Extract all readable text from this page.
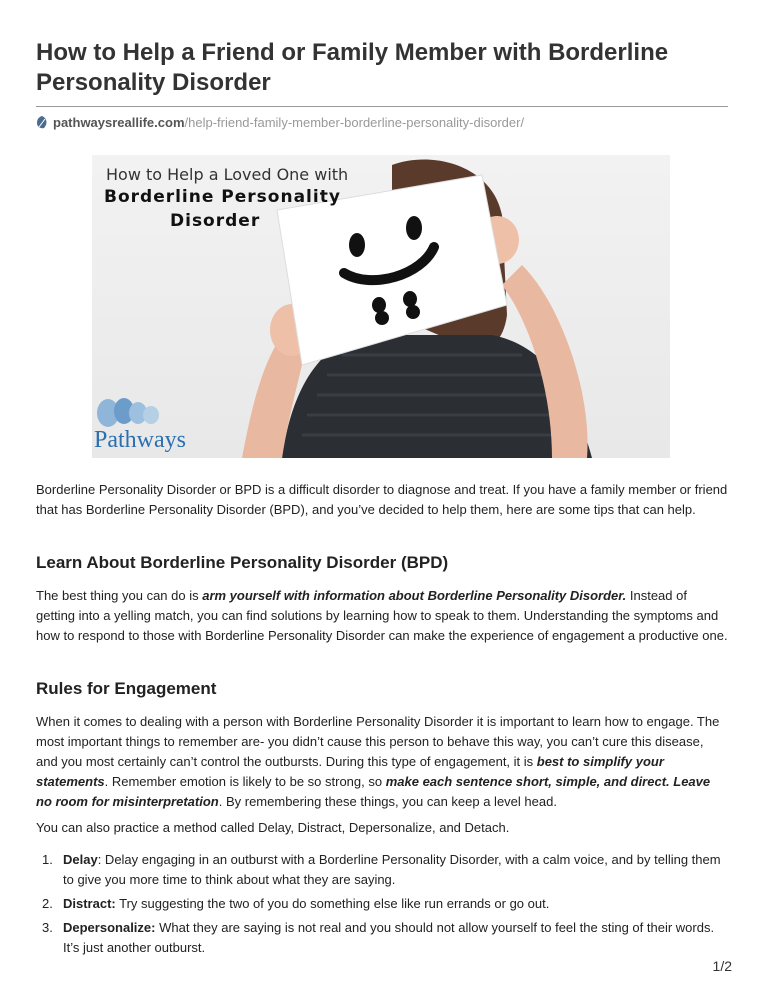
How to Help a Friend or Family Member with Borderline Personality Disorder
pathwaysreallife.com/help-friend-family-member-borderline-personality-disorder/
How to Help a Loved One with
Borderline Personality
Disorder
Pathways

Borderline Personality Disorder or BPD is a difficult disorder to diagnose and treat. If you have a family member or friend that has Borderline Personality Disorder (BPD), and you’ve decided to help them, here are some tips that can help.

Learn About Borderline Personality Disorder (BPD)

The best thing you can do is arm yourself with information about Borderline Personality Disorder. Instead of getting into a yelling match, you can find solutions by learning how to speak to them. Understanding the symptoms and how to respond to those with Borderline Personality Disorder can make the experience of engagement a productive one.

Rules for Engagement

When it comes to dealing with a person with Borderline Personality Disorder it is important to learn how to engage. The most important things to remember are- you didn’t cause this person to behave this way, you can’t cure this disease, and you most certainly can’t control the outbursts. During this type of engagement, it is best to simplify your statements. Remember emotion is likely to be so strong, so make each sentence short, simple, and direct. Leave no room for misinterpretation. By remembering these things, you can keep a level head.

You can also practice a method called Delay, Distract, Depersonalize, and Detach.

1. Delay: Delay engaging in an outburst with a Borderline Personality Disorder, with a calm voice, and by telling them to give you more time to think about what they are saying.
2. Distract: Try suggesting the two of you do something else like run errands or go out.
3. Depersonalize: What they are saying is not real and you should not allow yourself to feel the sting of their words. It’s just another outburst.
1/2
